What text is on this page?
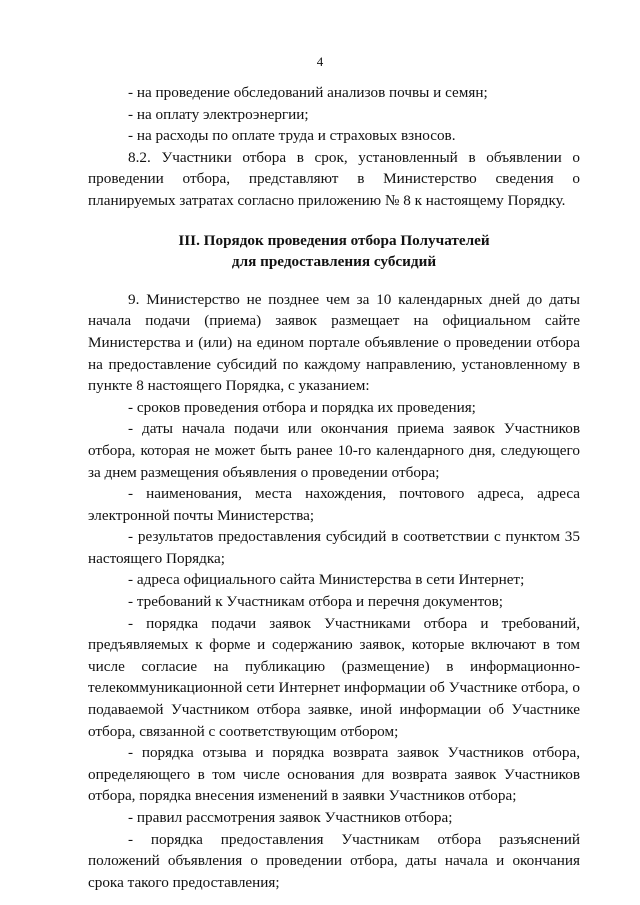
4

- на проведение обследований анализов почвы и семян;

- на оплату электроэнергии;

- на расходы по оплате труда и страховых взносов.

8.2. Участники отбора в срок, установленный в объявлении о проведении отбора, представляют в Министерство сведения о планируемых затратах согласно приложению № 8 к настоящему Порядку.

III. Порядок проведения отбора Получателей
для предоставления субсидий

9. Министерство не позднее чем за 10 календарных дней до даты начала подачи (приема) заявок размещает на официальном сайте Министерства и (или) на едином портале объявление о проведении отбора на предоставление субсидий по каждому направлению, установленному в пункте 8 настоящего Порядка, с указанием:

- сроков проведения отбора и порядка их проведения;

- даты начала подачи или окончания приема заявок Участников отбора, которая не может быть ранее 10-го календарного дня, следующего за днем размещения объявления о проведении отбора;

- наименования, места нахождения, почтового адреса, адреса электронной почты Министерства;

- результатов предоставления субсидий в соответствии с пунктом 35 настоящего Порядка;

- адреса официального сайта Министерства в сети Интернет;

- требований к Участникам отбора и перечня документов;

- порядка подачи заявок Участниками отбора и требований, предъявляемых к форме и содержанию заявок, которые включают в том числе согласие на публикацию (размещение) в информационно-телекоммуникационной сети Интернет информации об Участнике отбора, о подаваемой Участником отбора заявке, иной информации об Участнике отбора, связанной с соответствующим отбором;

- порядка отзыва и порядка возврата заявок Участников отбора, определяющего в том числе основания для возврата заявок Участников отбора, порядка внесения изменений в заявки Участников отбора;

- правил рассмотрения заявок Участников отбора;

- порядка предоставления Участникам отбора разъяснений положений объявления о проведении отбора, даты начала и окончания срока такого предоставления;
